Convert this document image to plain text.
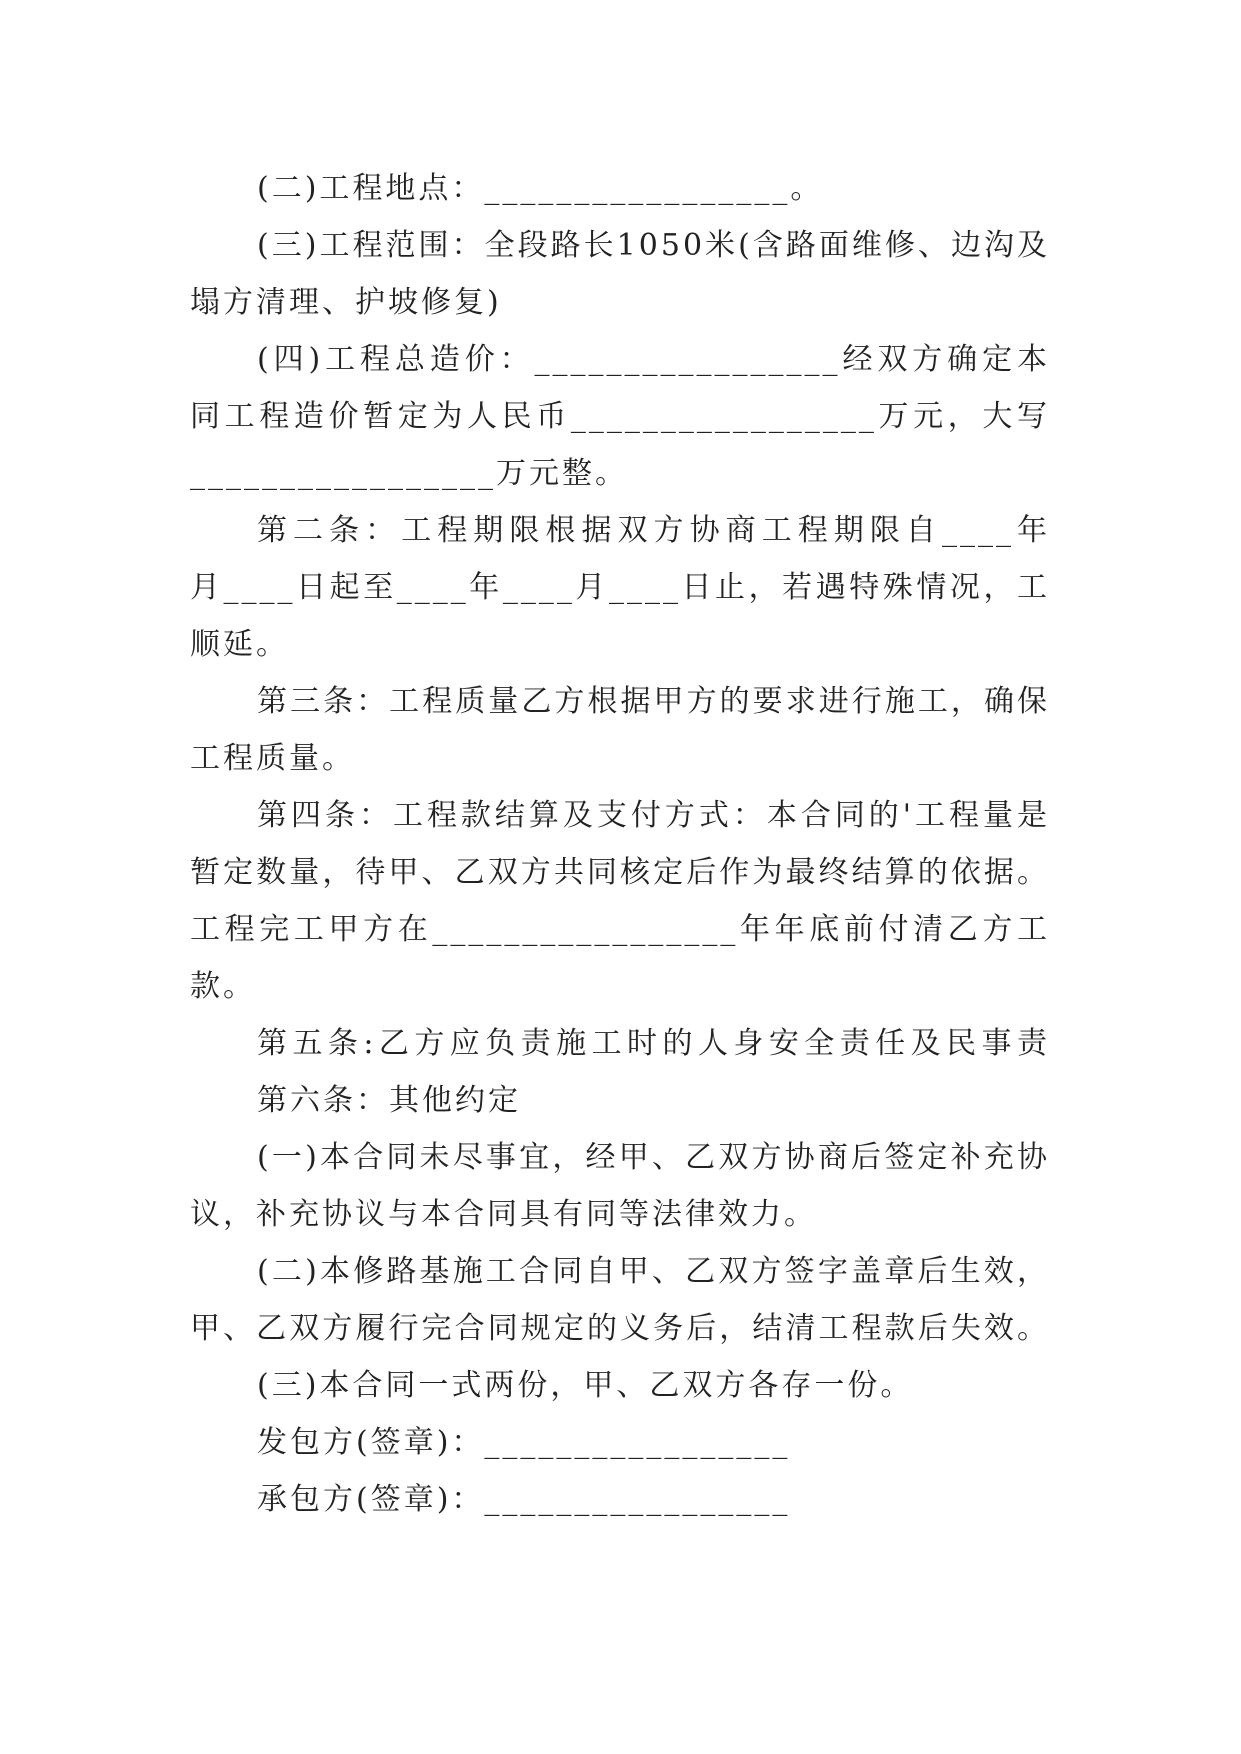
(二)工程地点：_________________。
(三)工程范围：全段路长1050米(含路面维修、边沟及
塌方清理、护坡修复)
(四)工程总造价：_________________经双方确定本
同工程造价暂定为人民币_________________万元，大写
_________________万元整。
第二条：工程期限根据双方协商工程期限自____年
月____日起至____年____月____日止，若遇特殊情况，工
顺延。
第三条：工程质量乙方根据甲方的要求进行施工，确保
工程质量。
第四条：工程款结算及支付方式：本合同的'工程量是
暂定数量，待甲、乙双方共同核定后作为最终结算的依据。
工程完工甲方在_________________年年底前付清乙方工
款。
第五条:乙方应负责施工时的人身安全责任及民事责
第六条：其他约定
(一)本合同未尽事宜，经甲、乙双方协商后签定补充协
议，补充协议与本合同具有同等法律效力。
(二)本修路基施工合同自甲、乙双方签字盖章后生效，
甲、乙双方履行完合同规定的义务后，结清工程款后失效。
(三)本合同一式两份，甲、乙双方各存一份。
发包方(签章)：_________________
承包方(签章)：_________________
